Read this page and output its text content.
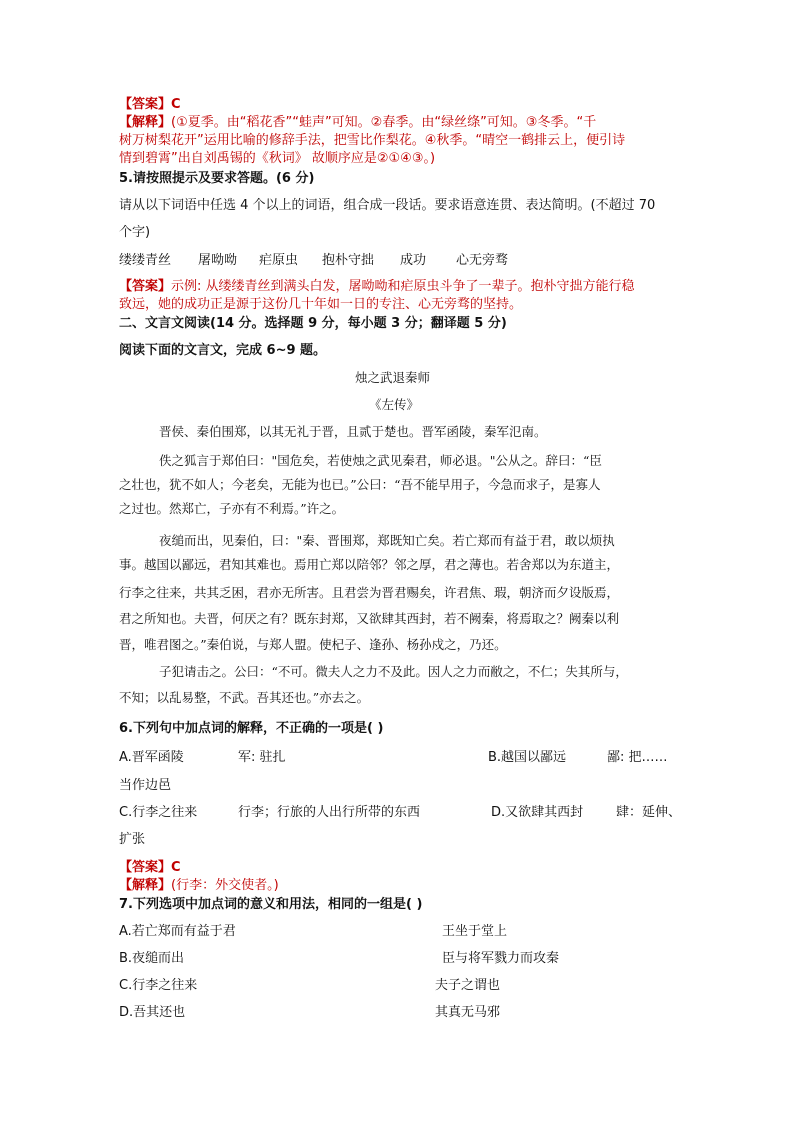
【答案】C
【解释】(①夏季。由“稻花香”“蛙声”可知。②春季。由“绿丝绦”可知。③冬季。“千
树万树梨花开”运用比喻的修辞手法，把雪比作梨花。④秋季。“晴空一鹤排云上，便引诗
情到碧霄”出自刘禹锡的《秋词》 故顺序应是②①④③。)
5.请按照提示及要求答题。(6 分)
请从以下词语中任选 4 个以上的词语，组合成一段话。要求语意连贯、表达简明。(不超过 70
个字)
缕缕青丝 屠呦呦 疟原虫 抱朴守拙 成功 心无旁骛
【答案】示例: 从缕缕青丝到满头白发，屠呦呦和疟原虫斗争了一辈子。抱朴守拙方能行稳
致远，她的成功正是源于这份几十年如一日的专注、心无旁骛的坚持。
二、文言文阅读(14 分。选择题 9 分，每小题 3 分；翻译题 5 分)
阅读下面的文言文，完成 6~9 题。
烛之武退秦师
《左传》
晋侯、秦伯围郑，以其无礼于晋，且贰于楚也。晋军函陵，秦军氾南。
佚之狐言于郑伯曰："国危矣，若使烛之武见秦君，师必退。"公从之。辞曰：“臣
之壮也，犹不如人；今老矣，无能为也已。”公曰：“吾不能早用子，今急而求子，是寡人
之过也。然郑亡，子亦有不利焉。”许之。
夜缒而出，见秦伯，曰："秦、晋围郑，郑既知亡矣。若亡郑而有益于君，敢以烦执
事。越国以鄙远，君知其难也。焉用亡郑以陪邻？邻之厚，君之薄也。若舍郑以为东道主，
行李之往来，共其乏困，君亦无所害。且君尝为晋君赐矣，许君焦、瑕，朝济而夕设版焉，
君之所知也。夫晋，何厌之有？既东封郑，又欲肆其西封，若不阙秦，将焉取之？阙秦以利
晋，唯君图之。”秦伯说，与郑人盟。使杞子、逢孙、杨孙戍之，乃还。
子犯请击之。公曰：“不可。微夫人之力不及此。因人之力而敝之，不仁；失其所与，
不知；以乱易整，不武。吾其还也。”亦去之。
6.下列句中加点词的解释，不正确的一项是( )
A.晋军函陵	军: 驻扎	B.越国以鄙远	鄙: 把……
当作边邑
C.行李之往来	行李；行旅的人出行所带的东西	D.又欲肆其西封	肆：延伸、
扩张
【答案】C
【解释】(行李：外交使者。)
7.下列选项中加点词的意义和用法，相同的一组是( )
A.若亡郑而有益于君	王坐于堂上
B.夜缒而出	臣与将军戮力而攻秦
C.行李之往来	夫子之谓也
D.吾其还也	其真无马邪
